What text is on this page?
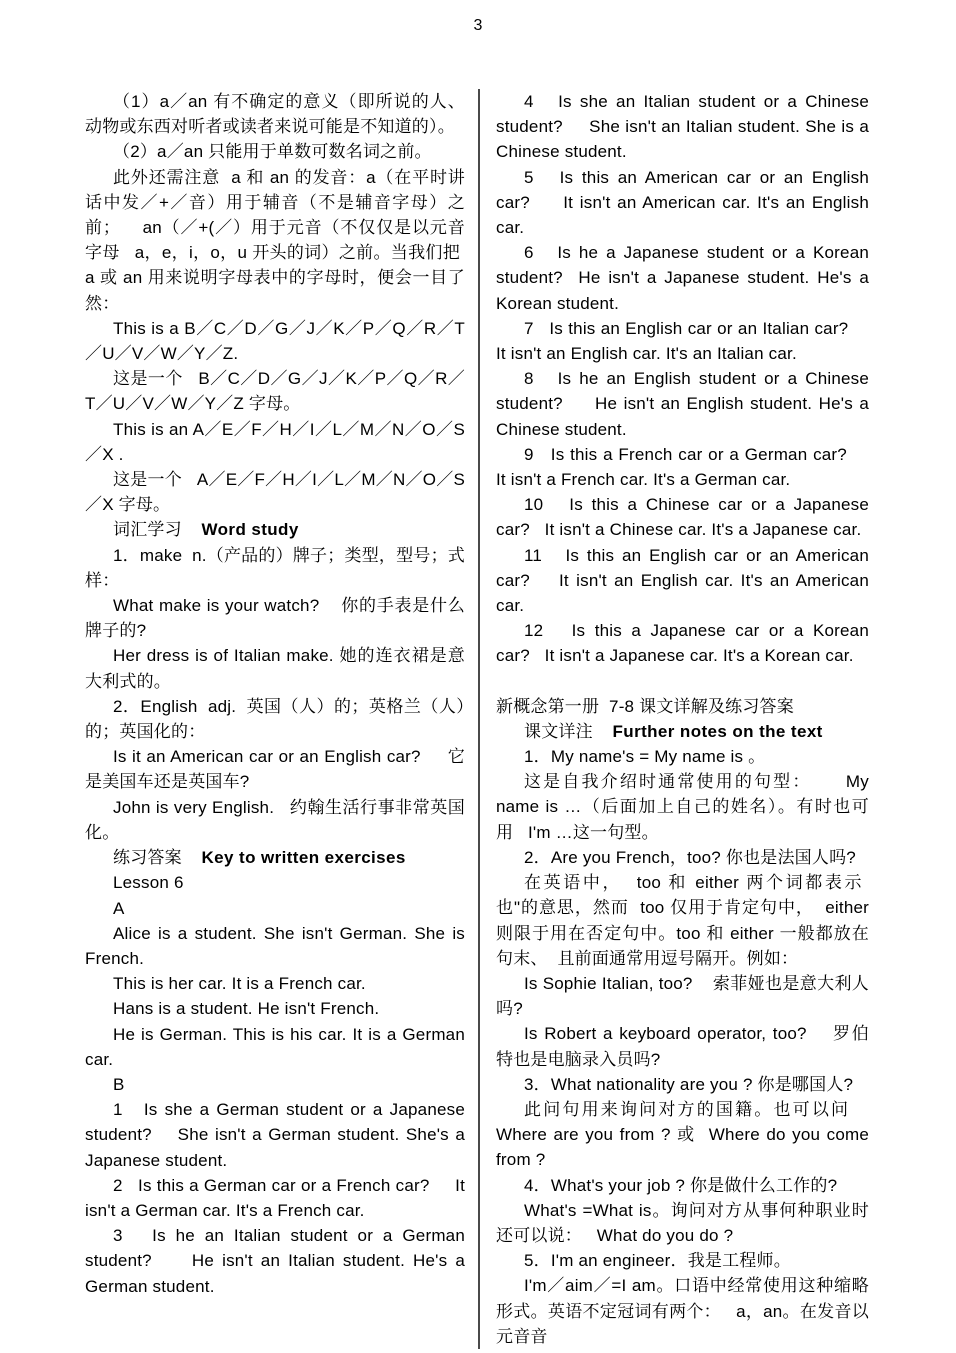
3

（1）a／an 有不确定的意义（即所说的人、动物或东西对听者或读者来说可能是不知道的）。

（2）a／an 只能用于单数可数名词之前。

此外还需注意  a 和 an 的发音：a（在平时讲话中发／+／音）用于辅音（不是辅音字母）之前；    an（／+(／）用于元音（不仅仅是以元音字母   a，e，i，o，u 开头的词）之前。当我们把  a 或 an 用来说明字母表中的字母时，便会一目了然：

This is a B／C／D／G／J／K／P／Q／R／T／U／V／W／Y／Z.

这是一个   B／C／D／G／J／K／P／Q／R／T／U／V／W／Y／Z 字母。

This is an A／E／F／H／I／L／M／N／O／S／X .

这是一个   A／E／F／H／I／L／M／N／O／S／X 字母。

词汇学习    Word study

1．make  n.（产品的）牌子；类型，型号；式样：

What make is your watch?    你的手表是什么牌子的?

Her dress is of Italian make. 她的连衣裙是意大利式的。

2．English  adj.  英国（人）的；英格兰（人）的；英国化的：

Is it an American car or an English car?     它是美国车还是英国车?

John is very English.   约翰生活行事非常英国化。

练习答案    Key to written exercises

Lesson 6

A

Alice is a student. She isn't German. She is French.

This is her car. It is a French car.

Hans is a student. He isn't French.

He is German. This is his car. It is a German car.

B

1   Is she a German student or a Japanese student?    She isn't a German student. She's a Japanese student.

2   Is this a German car or a French car?     It isn't a German car. It's a French car.

3   Is he an Italian student or a German student?     He isn't an Italian student. He's a German student.

4   Is she an Italian student or a Chinese student?     She isn't an Italian student. She is a Chinese student.

5   Is this an American car or an English car?     It isn't an American car. It's an English car.

6   Is he a Japanese student or a Korean student?  He isn't a Japanese student. He's a Korean student.

7   Is this an English car or an Italian car?     It isn't an English car. It's an Italian car.

8   Is he an English student or a Chinese student?     He isn't an English student. He's a Chinese student.

9   Is this a French car or a German car?     It isn't a French car. It's a German car.

10   Is this a Chinese car or a Japanese car?   It isn't a Chinese car. It's a Japanese car.

11   Is this an English car or an American car?    It isn't an English car. It's an American car.

12   Is this a Japanese car or a Korean car?   It isn't a Japanese car. It's a Korean car.

新概念第一册  7-8 课文详解及练习答案

课文详注    Further notes on the text

1．My name's = My name is 。

这是自我介绍时通常使用的句型：     My name is …（后面加上自己的姓名）。有时也可用   I'm …这一句型。

2．Are you French，too? 你也是法国人吗?

在英语中，  too 和 either 两个词都表示  也"的意思，然而  too 仅用于肯定句中，  either 则限于用在否定句中。too 和 either 一般都放在句末、  且前面通常用逗号隔开。例如：

Is Sophie Italian, too?    索菲娅也是意大利人吗?

Is Robert a keyboard operator, too?    罗伯特也是电脑录入员吗?

3．What nationality are you ? 你是哪国人?

此问句用来询问对方的国籍。也可以问    Where are you from ? 或  Where do you come from ?

4．What's your job ? 你是做什么工作的?

What's =What is。询问对方从事何种职业时还可以说：   What do you do ?

5．I'm an engineer．我是工程师。

I'm／aim／=I am。口语中经常使用这种缩略形式。英语不定冠词有两个：   a，an。在发音以元音音
